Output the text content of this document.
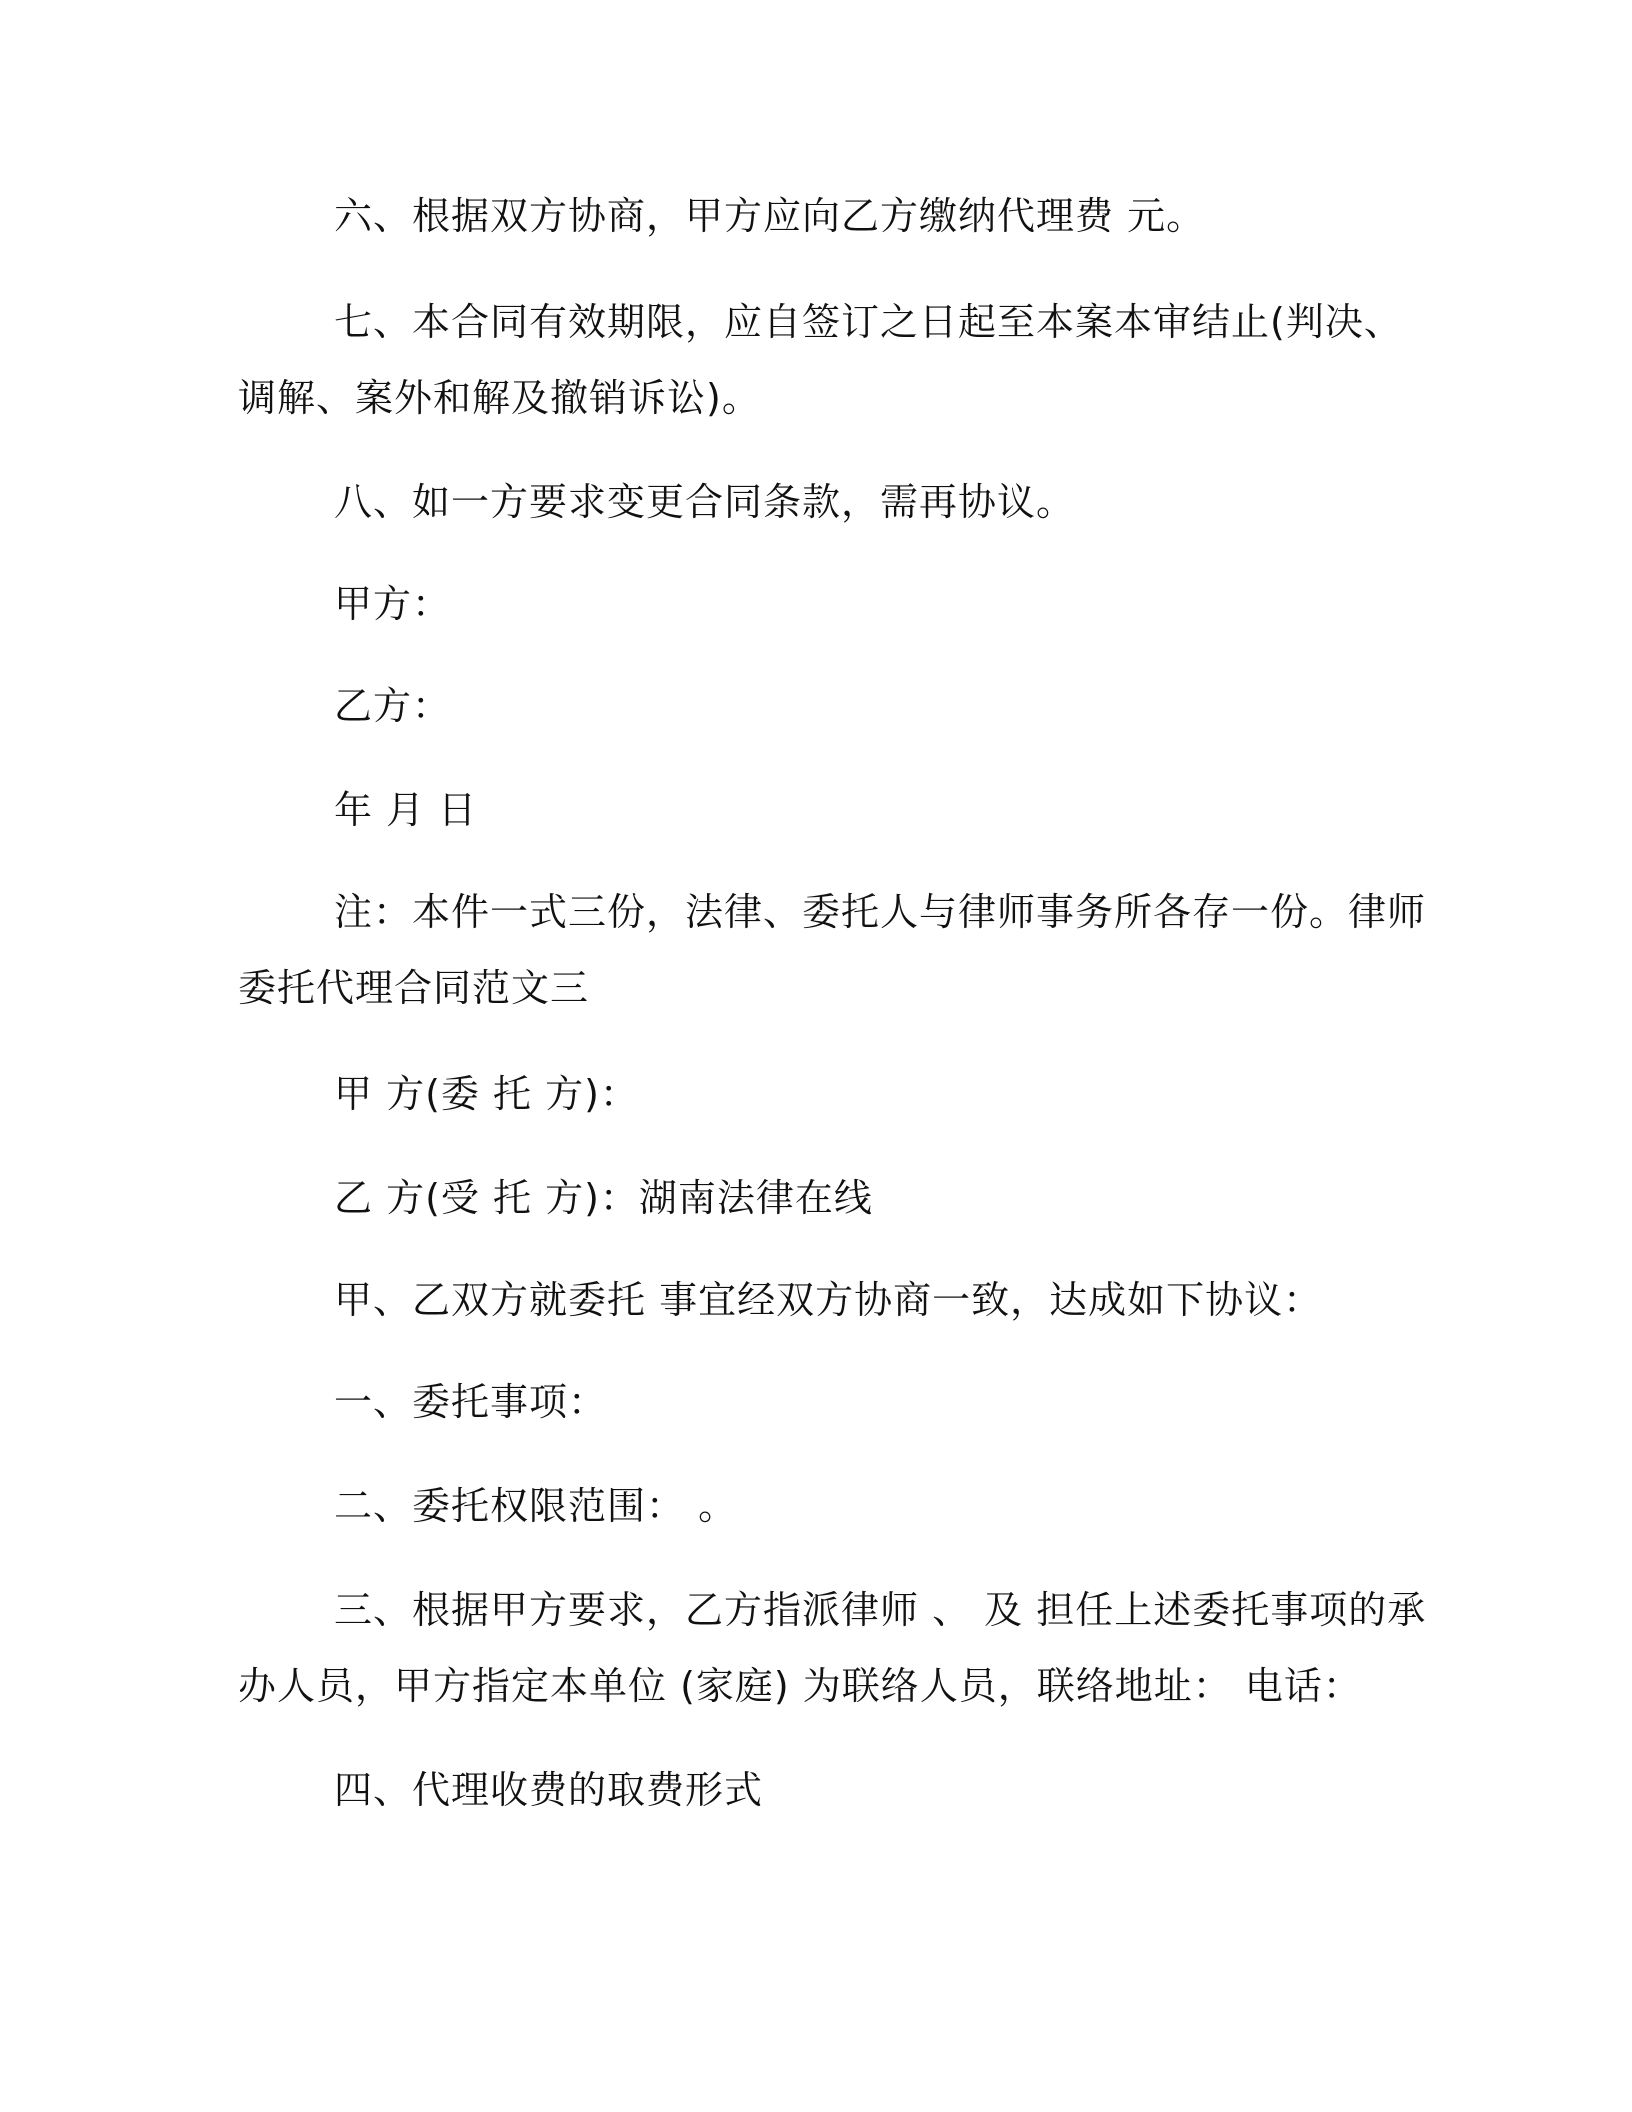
六、根据双方协商，甲方应向乙方缴纳代理费 元。
七、本合同有效期限，应自签订之日起至本案本审结止(判决、
调解、案外和解及撤销诉讼)。
八、如一方要求变更合同条款，需再协议。
甲方：
乙方：
年 月 日
注：本件一式三份，法律、委托人与律师事务所各存一份。律师
委托代理合同范文三
甲 方(委 托 方)：
乙 方(受 托 方)：湖南法律在线
甲、乙双方就委托 事宜经双方协商一致，达成如下协议：
一、委托事项：
二、委托权限范围： 。
三、根据甲方要求，乙方指派律师 、 及 担任上述委托事项的承
办人员，甲方指定本单位 (家庭) 为联络人员，联络地址： 电话：
四、代理收费的取费形式
